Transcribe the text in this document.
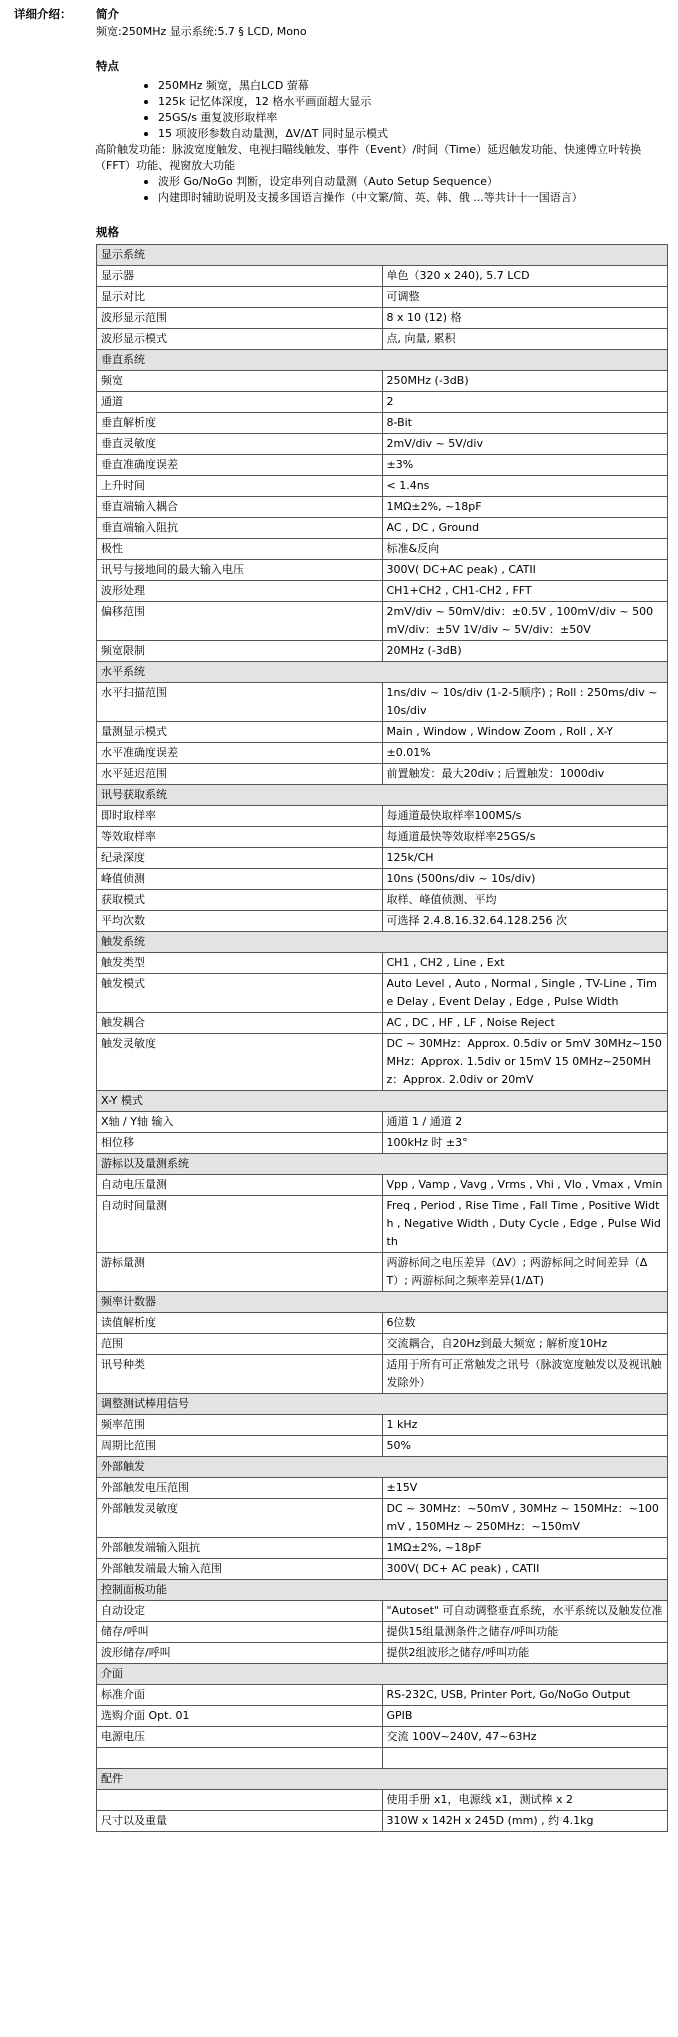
详细介绍： 简介
频宽:250MHz 显示系统:5.7 § LCD, Mono
特点
250MHz 频宽，黑白LCD 萤幕
125k 记忆体深度，12 格水平画面超大显示
25GS/s 重复波形取样率
15 项波形参数自动量测，ΔV/ΔT 同时显示模式
高阶触发功能：脉波宽度触发、电视扫瞄线触发、事件（Event）/时间（Time）延迟触发功能、快速傅立叶转换（FFT）功能、视窗放大功能
波形 Go/NoGo 判断，设定串列自动量测（Auto Setup Sequence）
内建即时辅助说明及支援多国语言操作（中文繁/简、英、韩、俄 ...等共计十一国语言）
规格
显示系统	
显示器	单色（320 x 240), 5.7 LCD
显示对比	可调整
波形显示范围	8 x 10 (12) 格
波形显示模式	点, 向量, 累积
垂直系统	
频宽	250MHz (-3dB)
通道	2
垂直解析度	8-Bit
垂直灵敏度	2mV/div ~ 5V/div
垂直准确度误差	±3%
上升时间	< 1.4ns
垂直端输入耦合	1MΩ±2%, ~18pF
垂直端输入阻抗	AC , DC , Ground
极性	标准&反向
讯号与接地间的最大输入电压	300V( DC+AC peak) , CATII
波形处理	CH1+CH2 , CH1-CH2 , FFT
偏移范围	2mV/div ~ 50mV/div：±0.5V , 100mV/div ~ 500mV/div：±5V 1V/div ~ 5V/div：±50V
频宽限制	20MHz (-3dB)
水平系统	
水平扫描范围	1ns/div ~ 10s/div (1-2-5顺序) ; Roll : 250ms/div ~ 10s/div
量测显示模式	Main , Window , Window Zoom , Roll , X-Y
水平准确度误差	±0.01%
水平延迟范围	前置触发：最大20div ; 后置触发：1000div
讯号获取系统	
即时取样率	每通道最快取样率100MS/s
等效取样率	每通道最快等效取样率25GS/s
纪录深度	125k/CH
峰值侦测	10ns (500ns/div ~ 10s/div)
获取模式	取样、峰值侦测、平均
平均次数	可选择 2.4.8.16.32.64.128.256 次
触发系统	
触发类型	CH1 , CH2 , Line , Ext
触发模式	Auto Level , Auto , Normal , Single , TV-Line , Time Delay , Event Delay , Edge , Pulse Width
触发耦合	AC , DC , HF , LF , Noise Reject
触发灵敏度	DC ~ 30MHz：Approx. 0.5div or 5mV 30MHz~150MHz：Approx. 1.5div or 15mV 15 0MHz~250MHz：Approx. 2.0div or 20mV
X-Y 模式	
X轴 / Y轴 输入	通道 1 / 通道 2
相位移	100kHz 时 ±3°
游标以及量测系统	
自动电压量测	Vpp , Vamp , Vavg , Vrms , Vhi , Vlo , Vmax , Vmin
自动时间量测	Freq , Period , Rise Time , Fall Time , Positive Width , Negative Width , Duty Cycle , Edge , Pulse Width
游标量测	两游标间之电压差异（ΔV）; 两游标间之时间差异（ΔT）; 两游标间之频率差异(1/ΔT)
频率计数器	
读值解析度	6位数
范围	交流耦合，自20Hz到最大频宽 ; 解析度10Hz
讯号种类	适用于所有可正常触发之讯号（脉波宽度触发以及视讯触发除外）
调整测试棒用信号	
频率范围	1 kHz
周期比范围	50%
外部触发	
外部触发电压范围	±15V
外部触发灵敏度	DC ~ 30MHz：~50mV , 30MHz ~ 150MHz：~100mV , 150MHz ~ 250MHz：~150mV
外部触发端输入阻抗	1MΩ±2%, ~18pF
外部触发端最大输入范围	300V( DC+ AC peak) , CATII
控制面板功能	
自动设定	"Autoset" 可自动调整垂直系统，水平系统以及触发位准
储存/呼叫	提供15组量测条件之储存/呼叫功能
波形储存/呼叫	提供2组波形之储存/呼叫功能
介面	
标准介面	RS-232C, USB, Printer Port, Go/NoGo Output
选购介面 Opt. 01	GPIB
电源电压	交流 100V~240V, 47~63Hz

配件	
	使用手册 x1，电源线 x1，测试棒 x 2
尺寸以及重量	310W x 142H x 245D (mm) , 约 4.1kg
